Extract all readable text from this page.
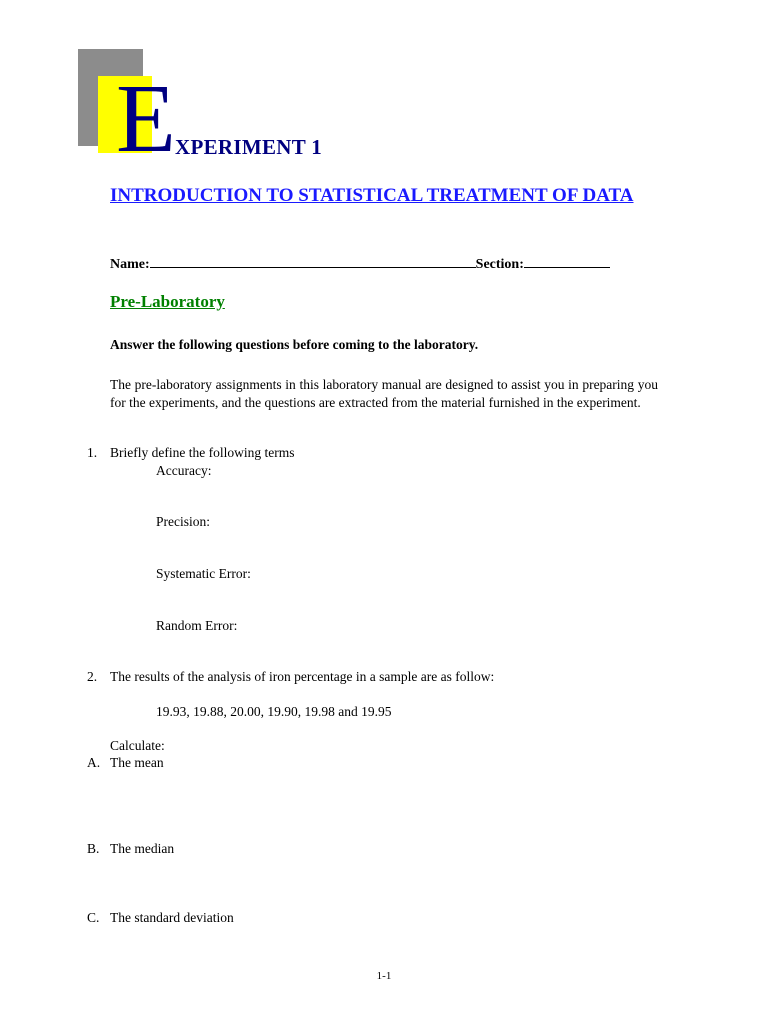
E XPERIMENT 1
INTRODUCTION TO STATISTICAL TREATMENT OF DATA
Name:	Section:
Pre-Laboratory
Answer the following questions before coming to the laboratory.
The pre-laboratory assignments in this laboratory manual are designed to assist you in preparing you for the experiments, and the questions are extracted from the material furnished in the experiment.
1. Briefly define the following terms
Accuracy:
Precision:
Systematic Error:
Random Error:
2. The results of the analysis of iron percentage in a sample are as follow:
19.93, 19.88, 20.00, 19.90, 19.98 and 19.95
Calculate:
A. The mean
B. The median
C. The standard deviation
1-1
